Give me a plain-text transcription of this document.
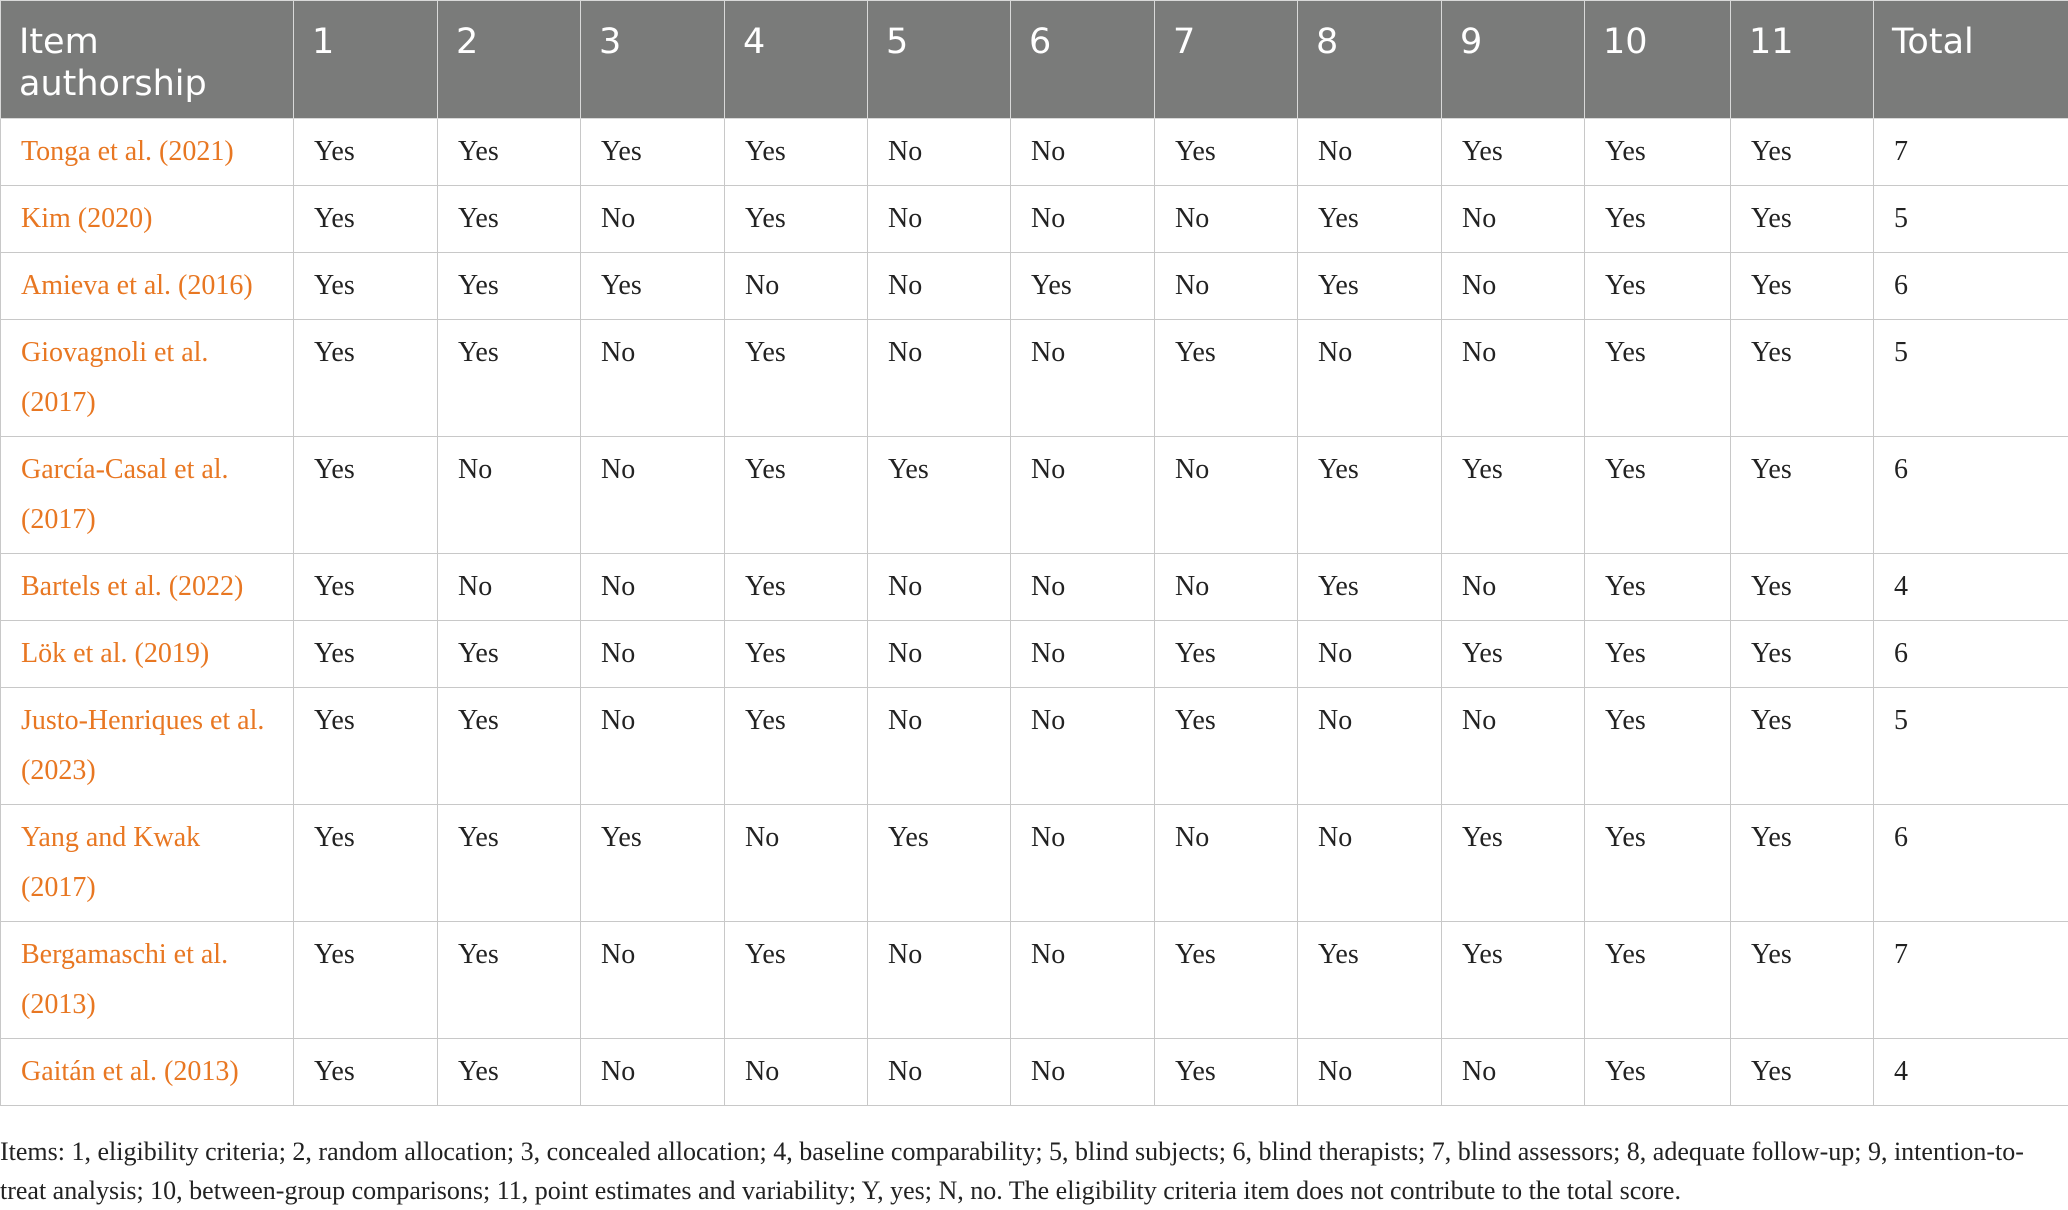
Item authorship	1	2	3	4	5	6	7	8	9	10	11	Total
Tonga et al. (2021)	Yes	Yes	Yes	Yes	No	No	Yes	No	Yes	Yes	Yes	7
Kim (2020)	Yes	Yes	No	Yes	No	No	No	Yes	No	Yes	Yes	5
Amieva et al. (2016)	Yes	Yes	Yes	No	No	Yes	No	Yes	No	Yes	Yes	6
Giovagnoli et al. (2017)	Yes	Yes	No	Yes	No	No	Yes	No	No	Yes	Yes	5
García-Casal et al. (2017)	Yes	No	No	Yes	Yes	No	No	Yes	Yes	Yes	Yes	6
Bartels et al. (2022)	Yes	No	No	Yes	No	No	No	Yes	No	Yes	Yes	4
Lök et al. (2019)	Yes	Yes	No	Yes	No	No	Yes	No	Yes	Yes	Yes	6
Justo-Henriques et al. (2023)	Yes	Yes	No	Yes	No	No	Yes	No	No	Yes	Yes	5
Yang and Kwak (2017)	Yes	Yes	Yes	No	Yes	No	No	No	Yes	Yes	Yes	6
Bergamaschi et al. (2013)	Yes	Yes	No	Yes	No	No	Yes	Yes	Yes	Yes	Yes	7
Gaitán et al. (2013)	Yes	Yes	No	No	No	No	Yes	No	No	Yes	Yes	4

Items: 1, eligibility criteria; 2, random allocation; 3, concealed allocation; 4, baseline comparability; 5, blind subjects; 6, blind therapists; 7, blind assessors; 8, adequate follow-up; 9, intention-to-treat analysis; 10, between-group comparisons; 11, point estimates and variability; Y, yes; N, no. The eligibility criteria item does not contribute to the total score.
